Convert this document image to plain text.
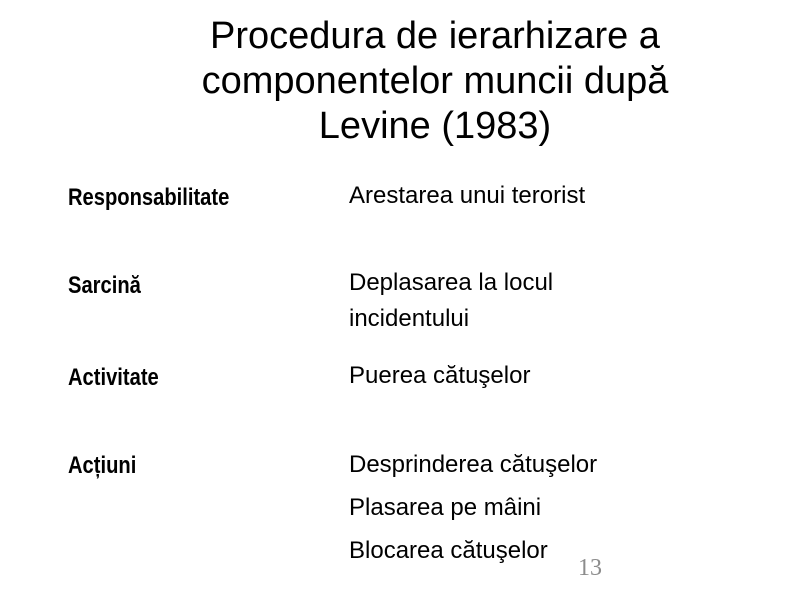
Procedura de ierarhizare a componentelor muncii după Levine (1983)
Responsabilitate	Arestarea unui terorist
Sarcină	Deplasarea la locul
incidentului
Activitate	Puerea cătuşelor
Acțiuni	Desprinderea cătuşelor
Plasarea pe mâini
Blocarea cătuşelor
13
